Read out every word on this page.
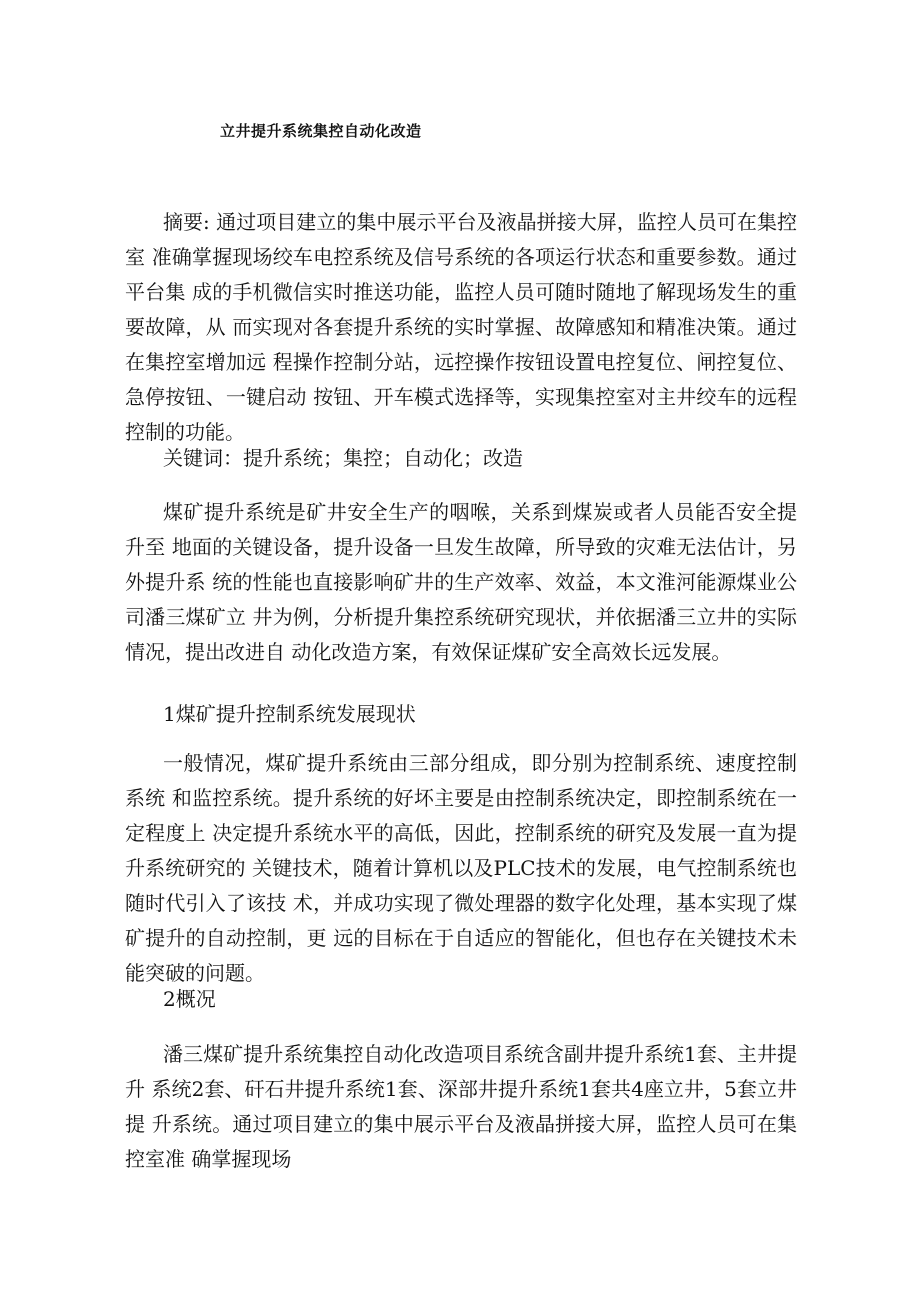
立井提升系统集控自动化改造

摘要: 通过项目建立的集中展示平台及液晶拼接大屏，监控人员可在集控室 准确掌握现场绞车电控系统及信号系统的各项运行状态和重要参数。通过平台集 成的手机微信实时推送功能，监控人员可随时随地了解现场发生的重要故障，从 而实现对各套提升系统的实时掌握、故障感知和精准决策。通过在集控室增加远 程操作控制分站，远控操作按钮设置电控复位、闸控复位、急停按钮、一键启动 按钮、开车模式选择等，实现集控室对主井绞车的远程控制的功能。

关键词：提升系统；集控；自动化；改造

煤矿提升系统是矿井安全生产的咽喉，关系到煤炭或者人员能否安全提升至 地面的关键设备，提升设备一旦发生故障，所导致的灾难无法估计，另外提升系 统的性能也直接影响矿井的生产效率、效益，本文淮河能源煤业公司潘三煤矿立 井为例，分析提升集控系统研究现状，并依据潘三立井的实际情况，提出改进自 动化改造方案，有效保证煤矿安全高效长远发展。

1煤矿提升控制系统发展现状

一般情况，煤矿提升系统由三部分组成，即分别为控制系统、速度控制系统 和监控系统。提升系统的好坏主要是由控制系统决定，即控制系统在一定程度上 决定提升系统水平的高低，因此，控制系统的研究及发展一直为提升系统研究的 关键技术，随着计算机以及PLC技术的发展，电气控制系统也随时代引入了该技 术，并成功实现了微处理器的数字化处理，基本实现了煤矿提升的自动控制，更 远的目标在于自适应的智能化，但也存在关键技术未能突破的问题。

2概况

潘三煤矿提升系统集控自动化改造项目系统含副井提升系统1套、主井提升 系统2套、矸石井提升系统1套、深部井提升系统1套共4座立井，5套立井提 升系统。通过项目建立的集中展示平台及液晶拼接大屏，监控人员可在集控室准 确掌握现场
